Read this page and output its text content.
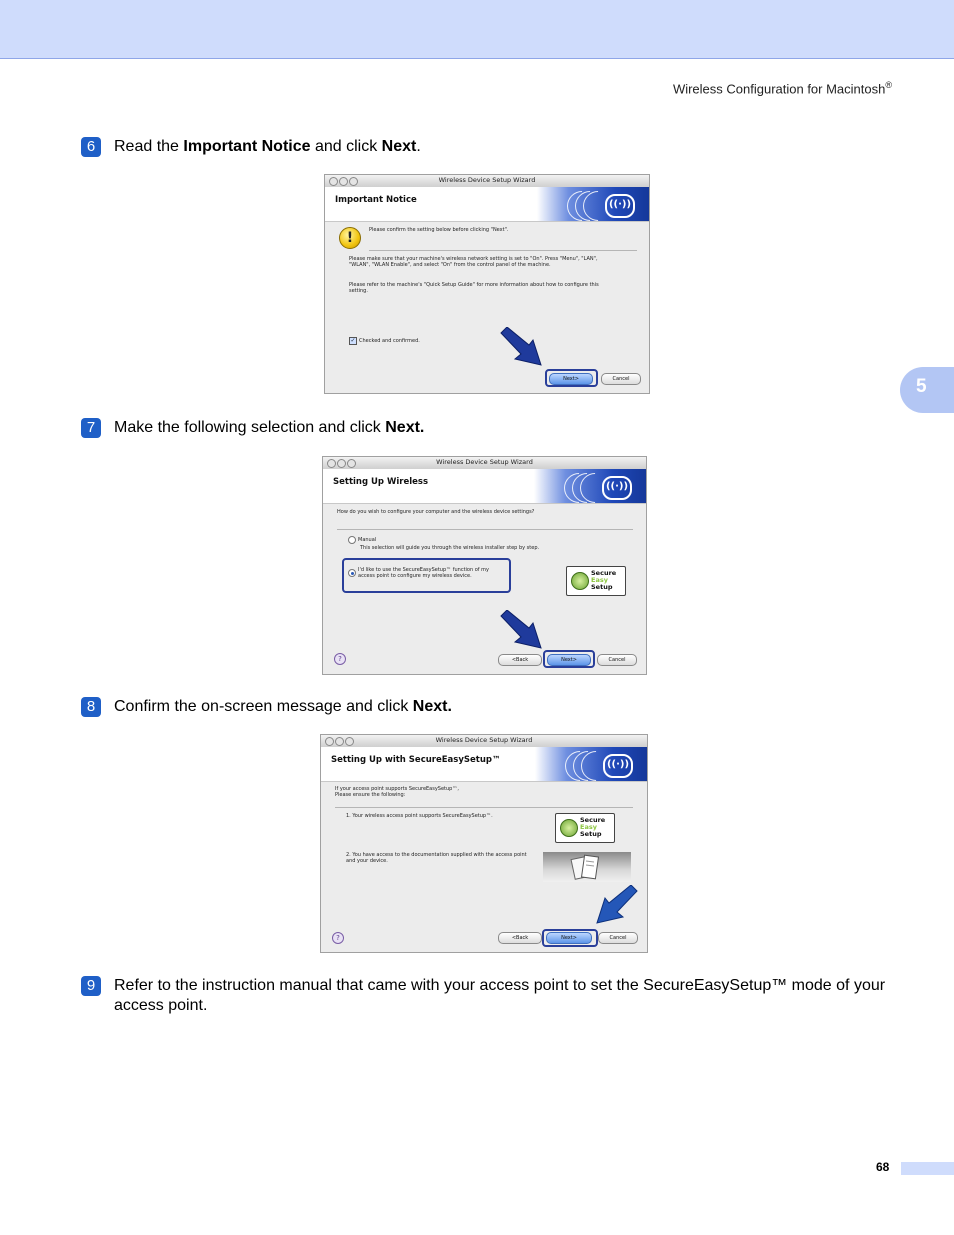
Wireless Configuration for Macintosh®
5
6	Read the Important Notice and click Next.
Wireless Device Setup Wizard
Important Notice	((·))
!	Please confirm the setting below before clicking "Next".
Please make sure that your machine's wireless network setting is set to "On". Press "Menu", "LAN", "WLAN", "WLAN Enable", and select "On" from the control panel of the machine.
Please refer to the machine's "Quick Setup Guide" for more information about how to configure this setting.
✓ Checked and confirmed.
Next>	Cancel
7	Make the following selection and click Next.
Wireless Device Setup Wizard
Setting Up Wireless	((·))
How do you wish to configure your computer and the wireless device settings?
Manual
This selection will guide you through the wireless installer step by step.
I'd like to use the SecureEasySetup™ function of my access point to configure my wireless device.	Secure
Easy
Setup
?	<Back	Next>	Cancel
8	Confirm the on-screen message and click Next.
Wireless Device Setup Wizard
Setting Up with SecureEasySetup™	((·))
If your access point supports SecureEasySetup™,
Please ensure the following:
1. Your wireless access point supports SecureEasySetup™.	Secure
Easy
Setup
2. You have access to the documentation supplied with the access point and your device.
?	<Back	Next>	Cancel
9	Refer to the instruction manual that came with your access point to set the SecureEasySetup™ mode of your access point.
68
